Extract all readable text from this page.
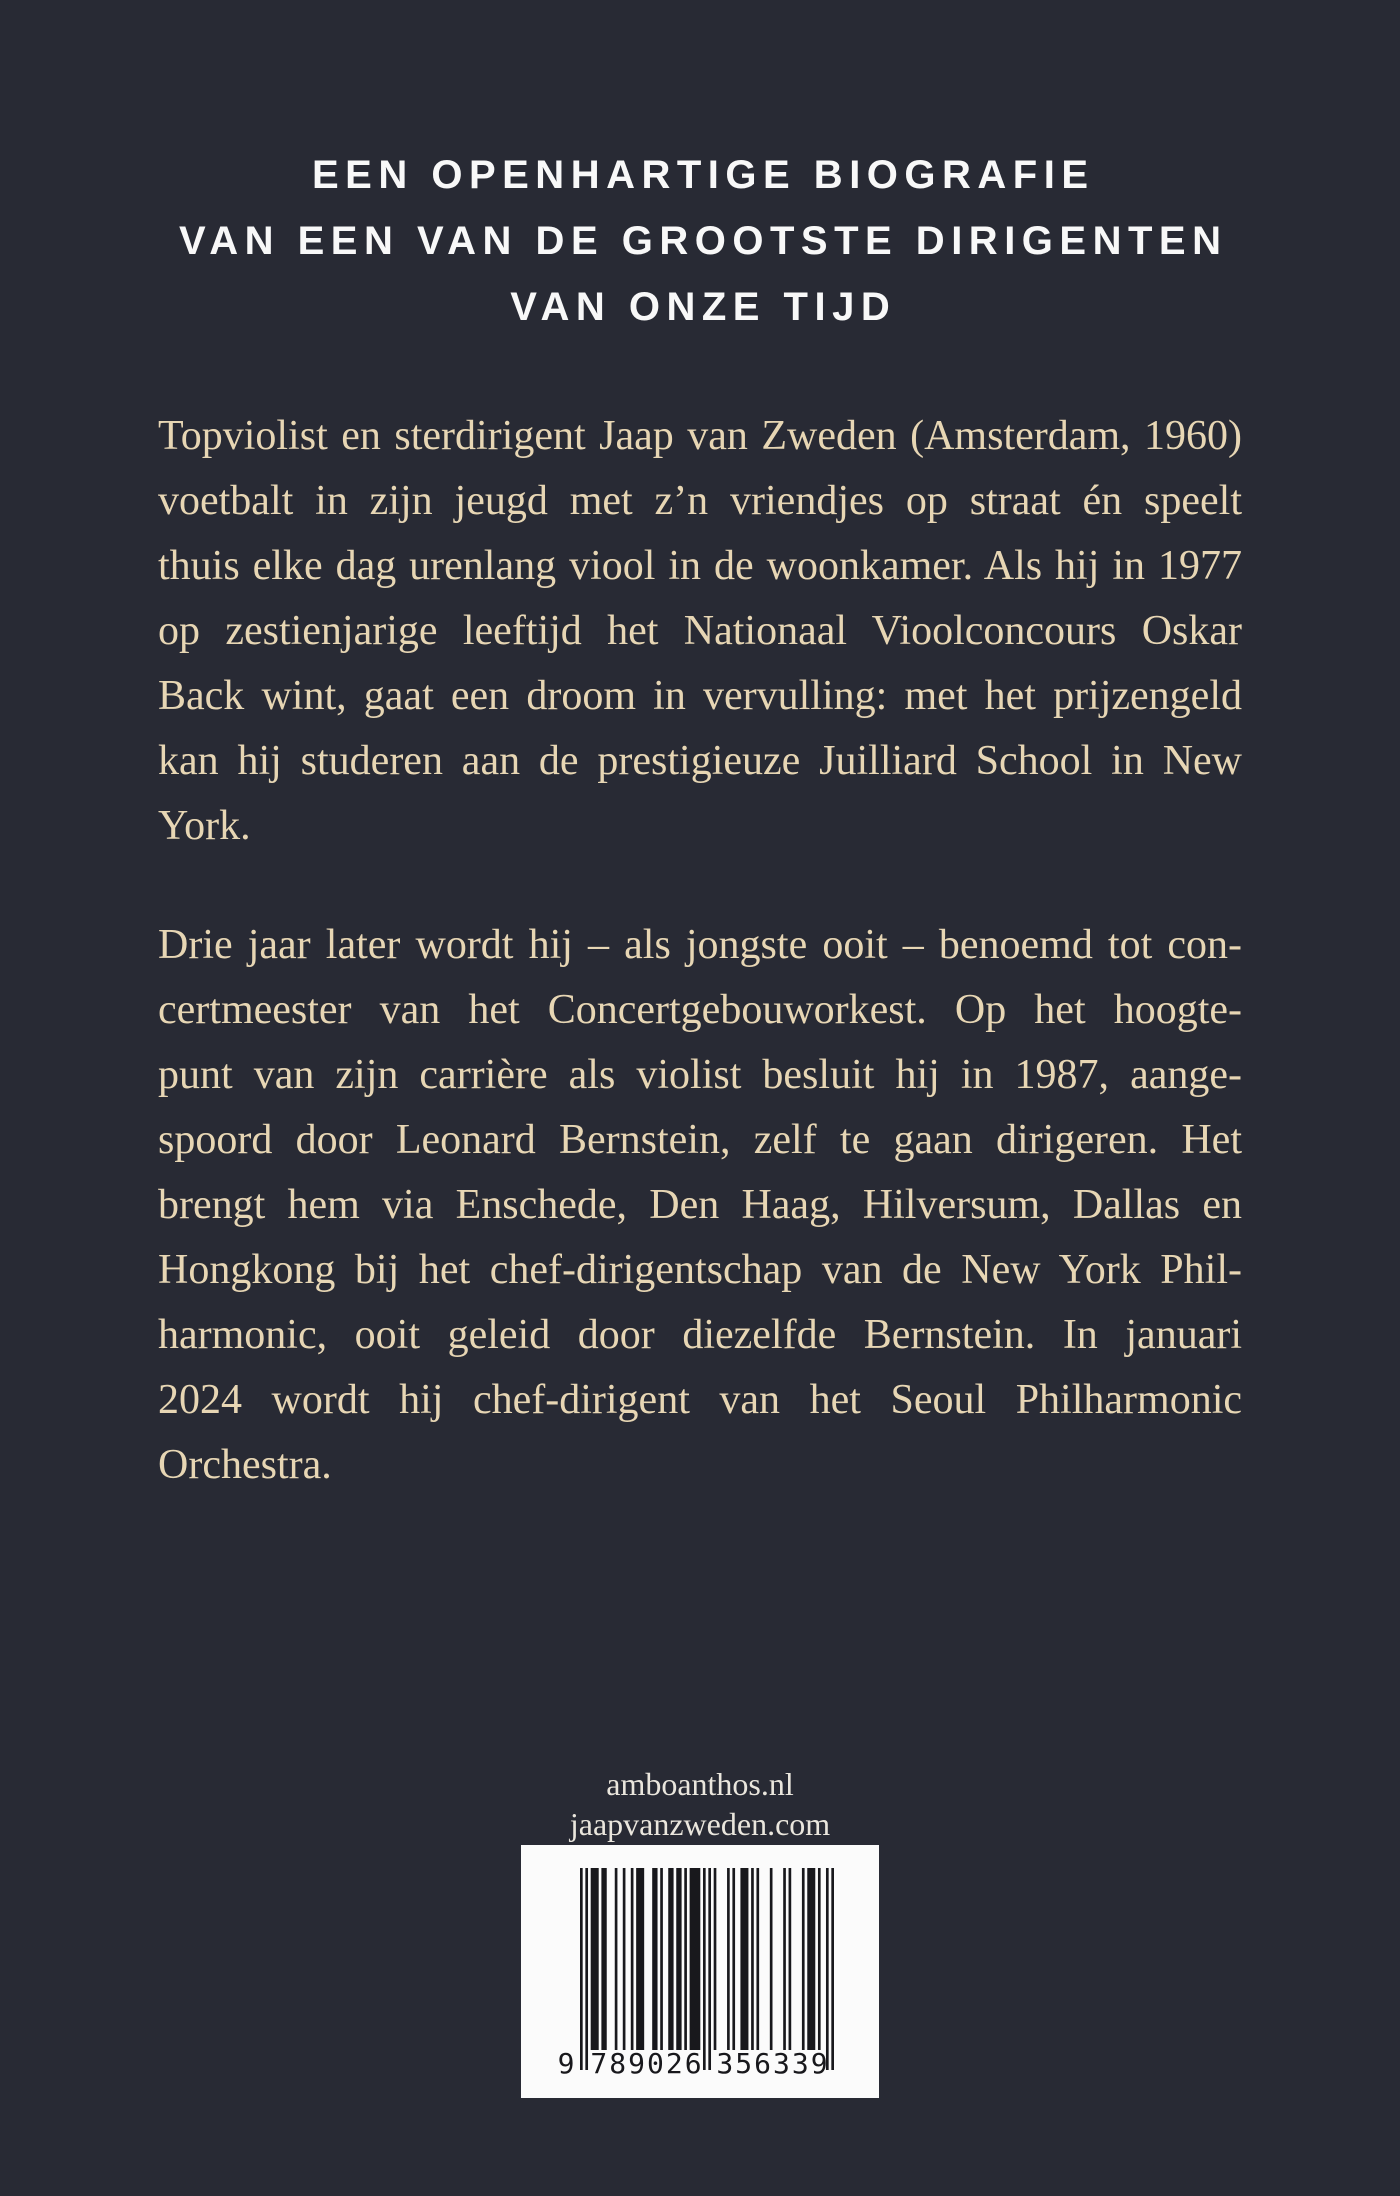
EEN OPENHARTIGE BIOGRAFIE
VAN EEN VAN DE GROOTSTE DIRIGENTEN
VAN ONZE TIJD
Topviolist en sterdirigent Jaap van Zweden (Amsterdam, 1960)
voetbalt in zijn jeugd met z’n vriendjes op straat én speelt
thuis elke dag urenlang viool in de woonkamer. Als hij in 1977
op zestienjarige leeftijd het Nationaal Vioolconcours Oskar
Back wint, gaat een droom in vervulling: met het prijzengeld
kan hij studeren aan de prestigieuze Juilliard School in New
York.
Drie jaar later wordt hij – als jongste ooit – benoemd tot con-
certmeester van het Concertgebouworkest. Op het hoogte-
punt van zijn carrière als violist besluit hij in 1987, aange-
spoord door Leonard Bernstein, zelf te gaan dirigeren. Het
brengt hem via Enschede, Den Haag, Hilversum, Dallas en
Hongkong bij het chef-dirigentschap van de New York Phil-
harmonic, ooit geleid door diezelfde Bernstein. In januari
2024 wordt hij chef-dirigent van het Seoul Philharmonic
Orchestra.
amboanthos.nl
jaapvanzweden.com
9 789026 356339
